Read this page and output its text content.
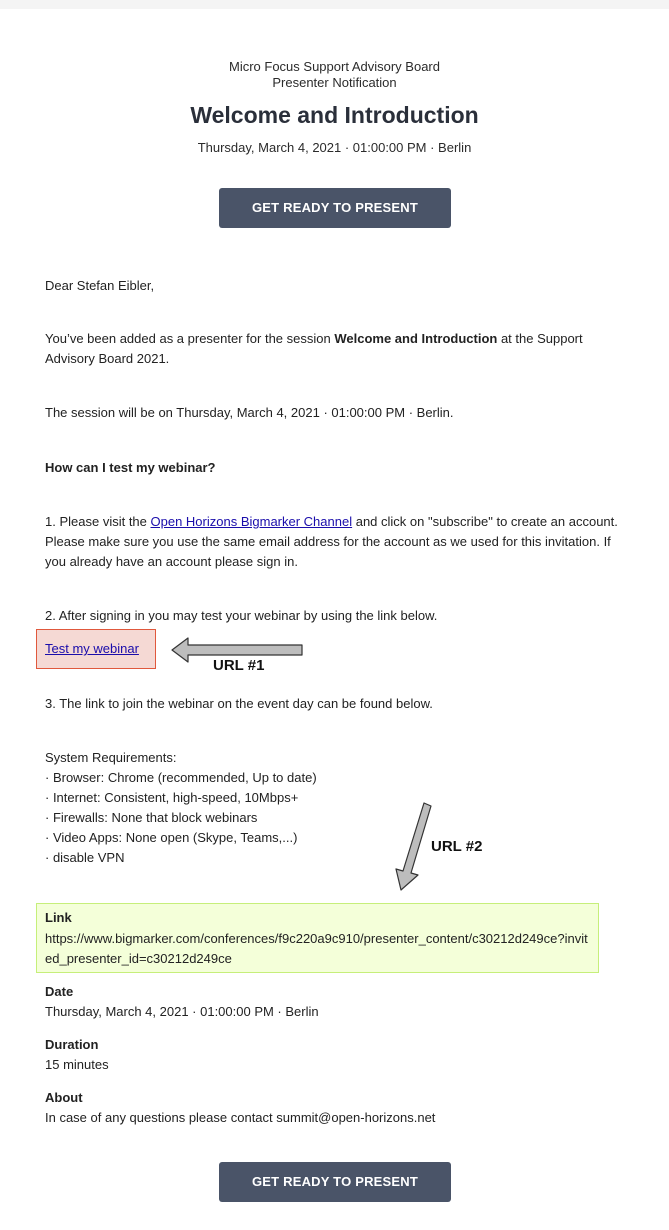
Micro Focus Support Advisory Board
Presenter Notification
Welcome and Introduction
Thursday, March 4, 2021 · 01:00:00 PM · Berlin
GET READY TO PRESENT
Dear Stefan Eibler,
You’ve been added as a presenter for the session Welcome and Introduction at the Support Advisory Board 2021.
The session will be on Thursday, March 4, 2021 · 01:00:00 PM · Berlin.
How can I test my webinar?
1. Please visit the Open Horizons Bigmarker Channel and click on "subscribe" to create an account. Please make sure you use the same email address for the account as we used for this invitation. If you already have an account please sign in.
2. After signing in you may test your webinar by using the link below.
Test my webinar
URL #1
3. The link to join the webinar on the event day can be found below.
System Requirements:
· Browser: Chrome (recommended, Up to date)
· Internet: Consistent, high-speed, 10Mbps+
· Firewalls: None that block webinars
· Video Apps: None open (Skype, Teams,...)
· disable VPN
URL #2
Link
https://www.bigmarker.com/conferences/f9c220a9c910/presenter_content/c30212d249ce?invited_presenter_id=c30212d249ce
Date
Thursday, March 4, 2021 · 01:00:00 PM · Berlin
Duration
15 minutes
About
In case of any questions please contact summit@open-horizons.net
GET READY TO PRESENT
